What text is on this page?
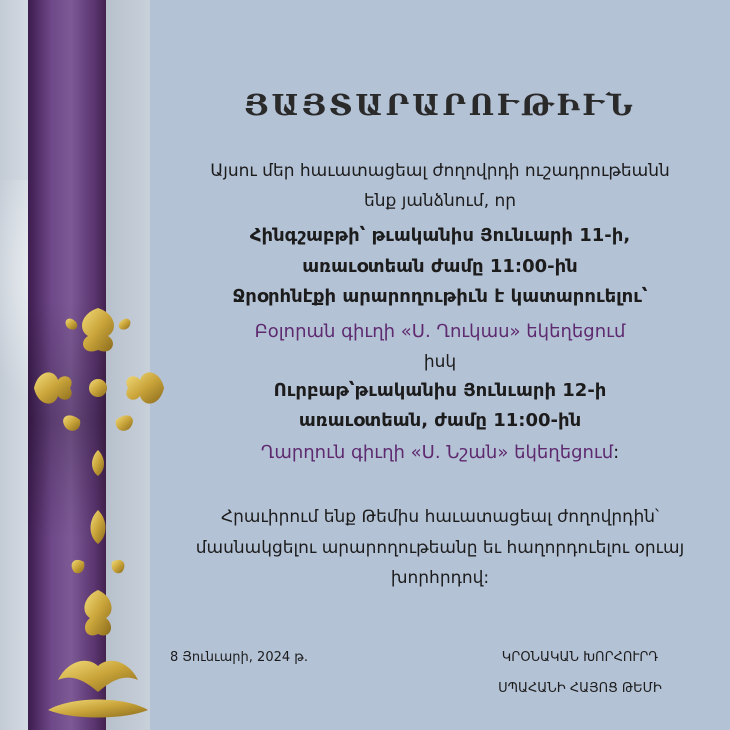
ՅԱՅՏԱՐԱՐՈՒԹԻՒՆ
Այսու մեր հաւատացեալ ժողովրդի ուշադրութեանն
ենք յանձնում, որ
Հինգշաբթի՝ թւականիս Յունւարի 11-ի,
առաւօտեան ժամը 11:00-ին
Ջրօրհնէքի արարողութիւն է կատարուելու՝
Բօլորան գիւղի «Ս. Ղուկաս» եկեղեցում
իսկ
Ուրբաթ՝թւականիս Յունւարի 12-ի
առաւօտեան, ժամը 11:00-ին
Ղարղուն գիւղի «Ս. Նշան» եկեղեցում:
Հրաւիրում ենք Թեմիս հաւատացեալ ժողովրդին՝
մասնակցելու արարողութեանը եւ հաղորդուելու օրւայ
խորհրդով:
8 Յունւարի, 2024 թ.	ԿՐՕՆԱԿԱՆ ԽՈՐՀՈՒՐԴ
ՍՊԱՀԱՆԻ ՀԱՅՈՑ ԹԵՄԻ
